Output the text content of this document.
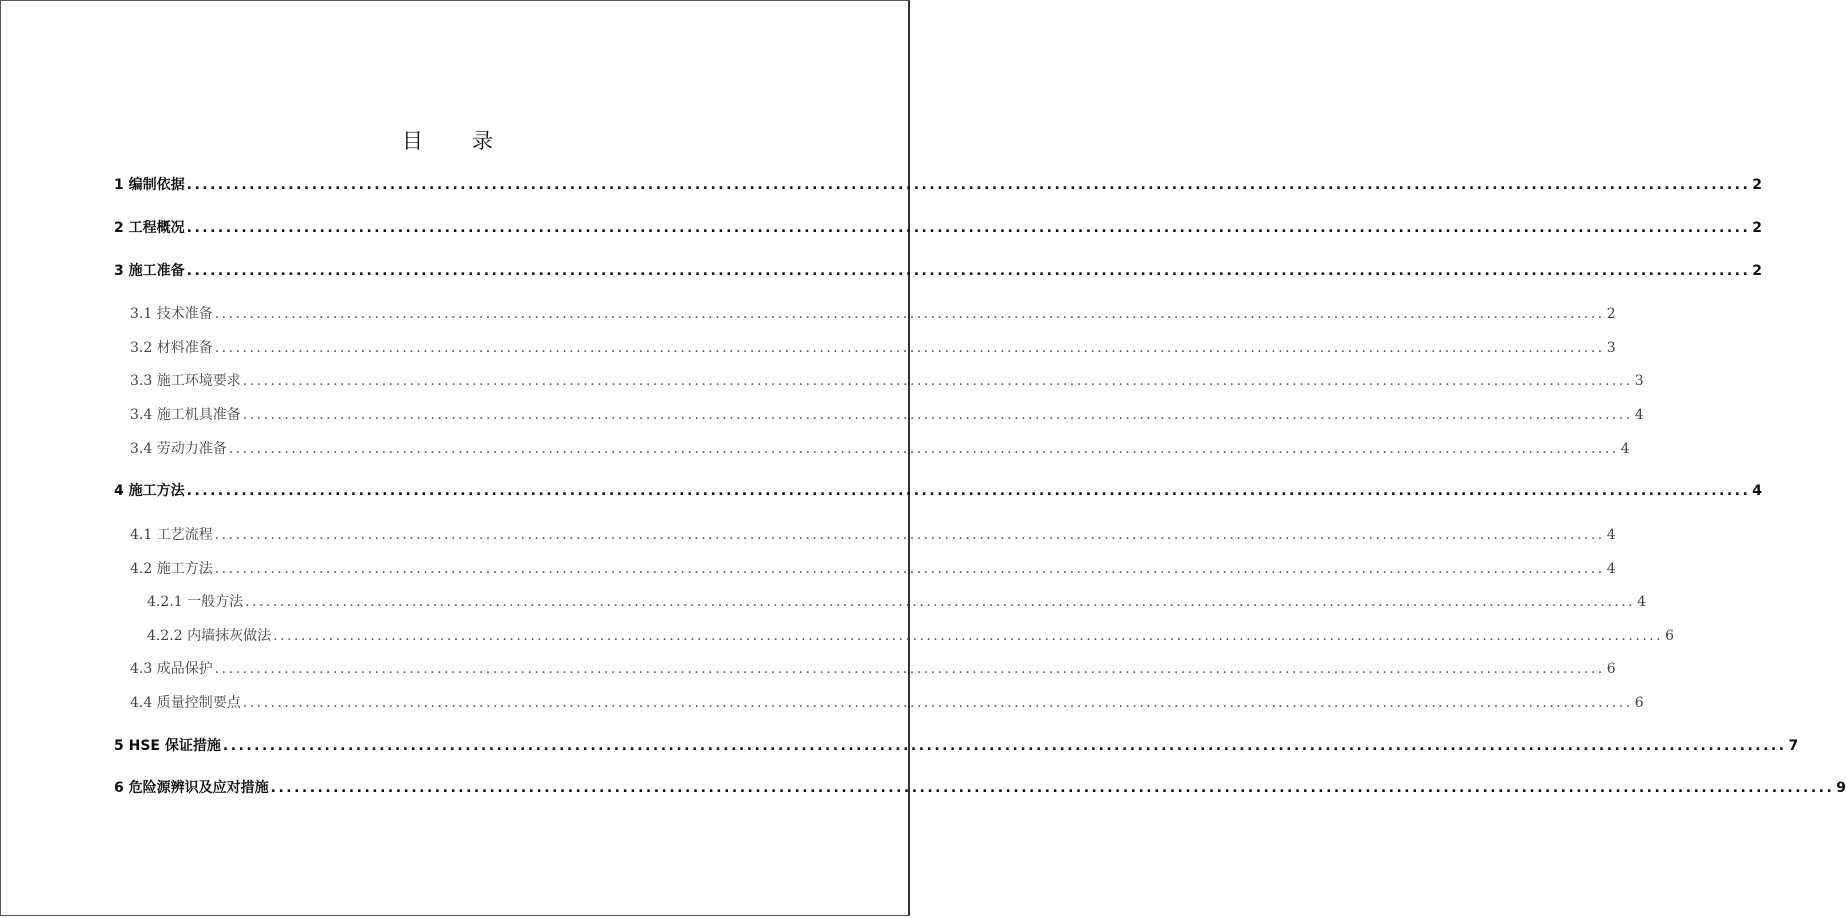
目　录
1 编制依据 ........................................................................................................................................................................................................ 2
2 工程概况 ........................................................................................................................................................................................................ 2
3 施工准备 ........................................................................................................................................................................................................ 2
3.1 技术准备 ........................................................................................................................................................................................................ 2
3.2 材料准备 ........................................................................................................................................................................................................ 3
3.3 施工环境要求 ........................................................................................................................................................................................................ 3
3.4 施工机具准备 ........................................................................................................................................................................................................ 4
3.4 劳动力准备 ........................................................................................................................................................................................................ 4
4 施工方法 ........................................................................................................................................................................................................ 4
4.1 工艺流程 ........................................................................................................................................................................................................ 4
4.2 施工方法 ........................................................................................................................................................................................................ 4
4.2.1 一般方法 ........................................................................................................................................................................................................ 4
4.2.2 内墙抹灰做法 ........................................................................................................................................................................................................ 6
4.3 成品保护 ........................................................................................................................................................................................................ 6
4.4 质量控制要点 ........................................................................................................................................................................................................ 6
5 HSE 保证措施 ........................................................................................................................................................................................................ 7
6 危险源辨识及应对措施 ........................................................................................................................................................................................................ 9
